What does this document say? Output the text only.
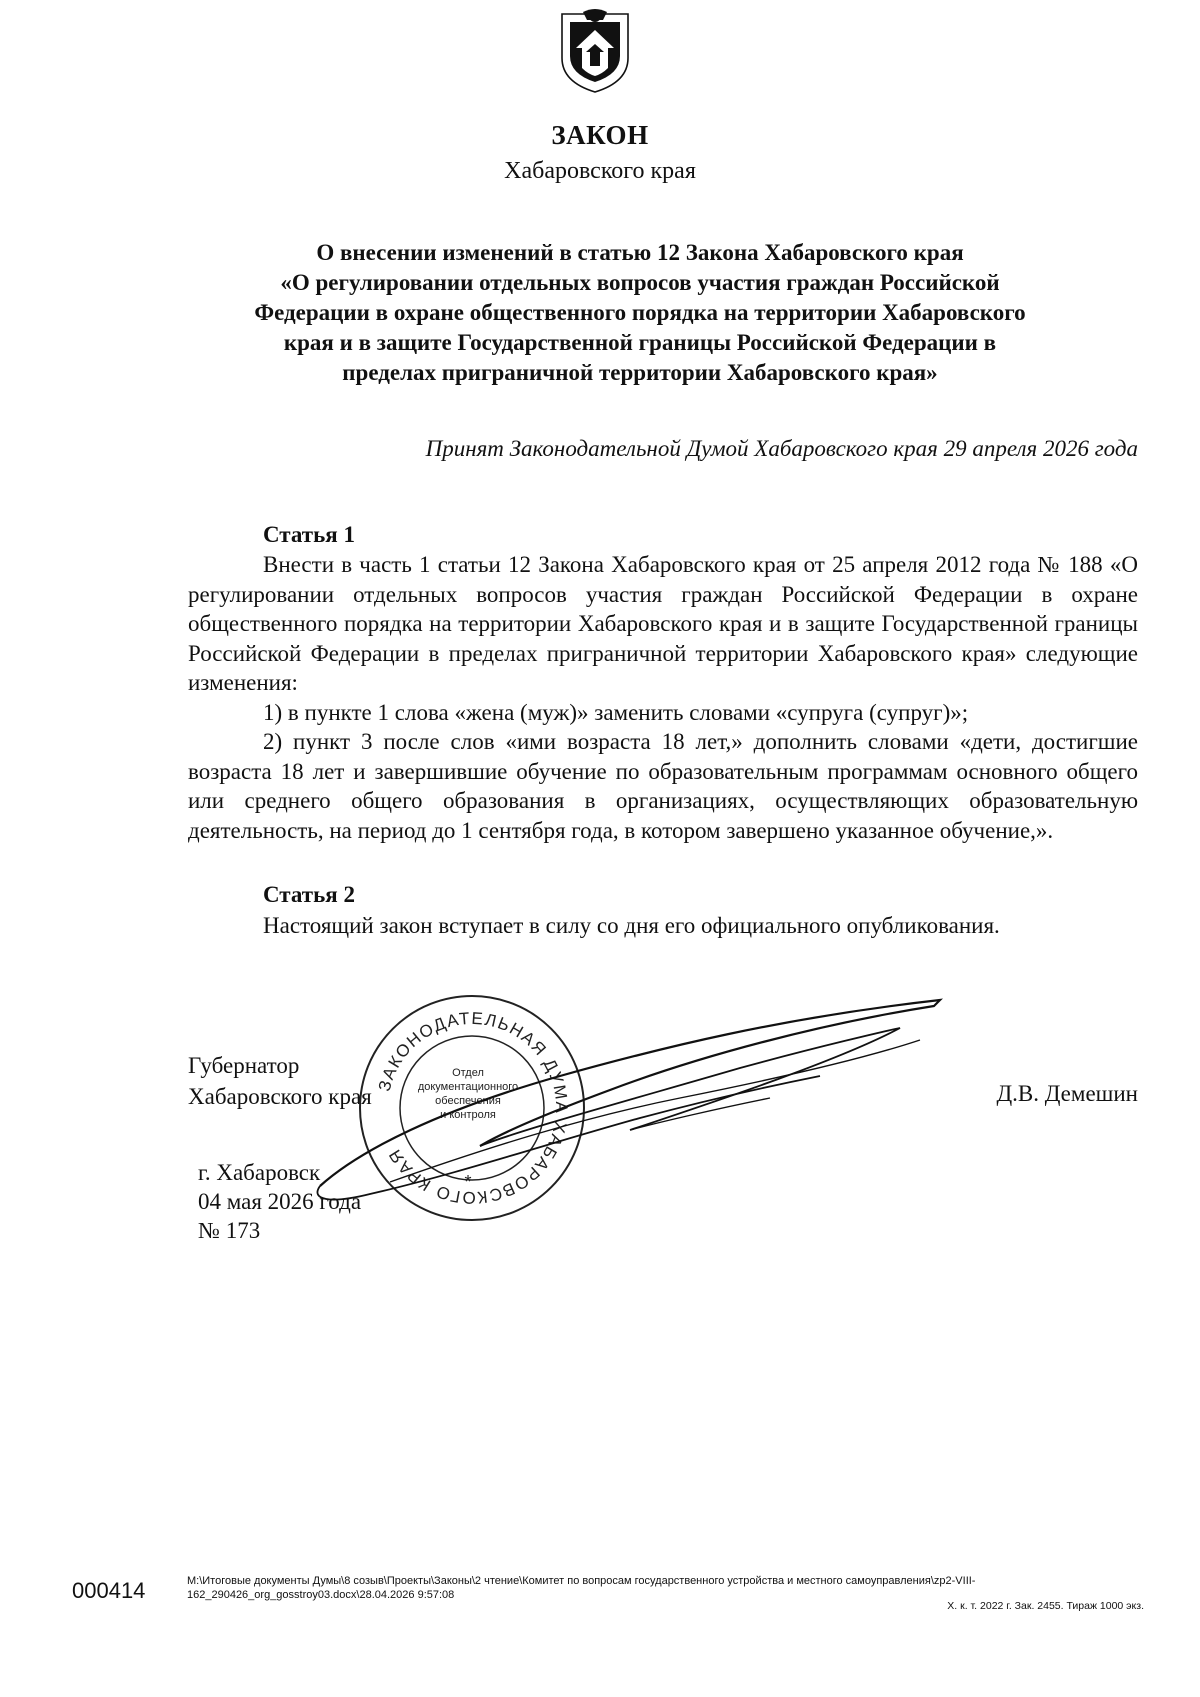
ЗАКОН
Хабаровского края
О внесении изменений в статью 12 Закона Хабаровского края
«О регулировании отдельных вопросов участия граждан Российской
Федерации в охране общественного порядка на территории Хабаровского
края и в защите Государственной границы Российской Федерации в
пределах приграничной территории Хабаровского края»
Принят Законодательной Думой Хабаровского края 29 апреля 2026 года
Статья 1

Внести в часть 1 статьи 12 Закона Хабаровского края от 25 апреля 2012 года № 188 «О регулировании отдельных вопросов участия граждан Российской Федерации в охране общественного порядка на территории Хабаровского края и в защите Государственной границы Российской Федерации в пределах приграничной территории Хабаровского края» следующие изменения:

1) в пункте 1 слова «жена (муж)» заменить словами «супруга (супруг)»;

2) пункт 3 после слов «ими возраста 18 лет,» дополнить словами «дети, достигшие возраста 18 лет и завершившие обучение по образовательным программам основного общего или среднего общего образования в организациях, осуществляющих образовательную деятельность, на период до 1 сентября года, в котором завершено указанное обучение,».

Статья 2

Настоящий закон вступает в силу со дня его официального опубликования.

Губернатор
Хабаровского края	Д.В. Демешин
г. Хабаровск
04 мая 2026 года
№ 173
ЗАКОНОДАТЕЛЬНАЯ ДУМА ХАБАРОВСКОГО КРАЯ
Отдел
документационного
обеспечения
и контроля
*
000414	M:\Итоговые документы Думы\8 созыв\Проекты\Законы\2 чтение\Комитет по вопросам государственного устройства и местного самоуправления\zp2-VIII-
162_290426_org_gosstroy03.docx\28.04.2026 9:57:08
Х. к. т. 2022 г. Зак. 2455. Тираж 1000 экз.
